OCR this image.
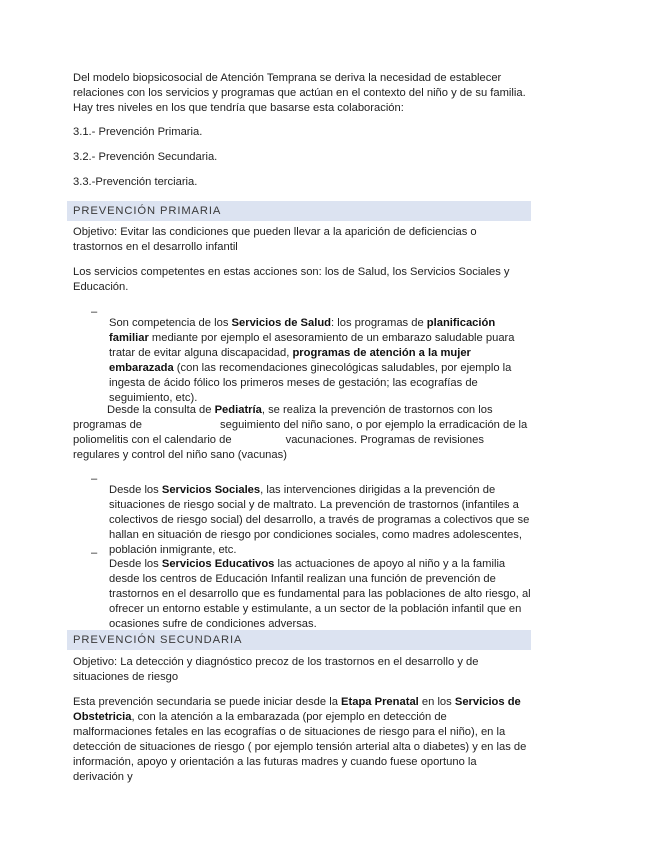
Del modelo biopsicosocial de Atención Temprana se deriva la necesidad de establecer relaciones con los servicios y programas que actúan en el contexto del niño y de su familia. Hay tres niveles en los que tendría que basarse esta colaboración:

3.1.- Prevención Primaria.

3.2.- Prevención Secundaria.

3.3.-Prevención terciaria.

PREVENCIÓN PRIMARIA

Objetivo: Evitar las condiciones que pueden llevar a la aparición de deficiencias o trastornos en el desarrollo infantil

Los servicios competentes en estas acciones son: los de Salud, los Servicios Sociales y Educación.

–

Son competencia de los Servicios de Salud: los programas de planificación familiar mediante por ejemplo el asesoramiento de un embarazo saludable puara tratar de evitar alguna discapacidad, programas de atención a la mujer embarazada (con las recomendaciones ginecológicas saludables, por ejemplo la ingesta de ácido fólico los primeros meses de gestación; las ecografías de seguimiento, etc).

Desde la consulta de Pediatría, se realiza la prevención de trastornos con los programas de	seguimiento del niño sano, o por ejemplo la erradicación de la poliomelitis con el calendario de	vacunaciones. Programas de revisiones regulares y control del niño sano (vacunas)

–

Desde los Servicios Sociales, las intervenciones dirigidas a la prevención de situaciones de riesgo social y de maltrato. La prevención de trastornos (infantiles a colectivos de riesgo social) del desarrollo, a través de programas a colectivos que se hallan en situación de riesgo por condiciones sociales, como madres adolescentes, población inmigrante, etc.

–

Desde los Servicios Educativos las actuaciones de apoyo al niño y a la familia desde los centros de Educación Infantil realizan una función de prevención de trastornos en el desarrollo que es fundamental para las poblaciones de alto riesgo, al ofrecer un entorno estable y estimulante, a un sector de la población infantil que en ocasiones sufre de condiciones adversas.

PREVENCIÓN SECUNDARIA

Objetivo: La detección y diagnóstico precoz de los trastornos en el desarrollo y de situaciones de riesgo

Esta prevención secundaria se puede iniciar desde la Etapa Prenatal en los Servicios de Obstetricia, con la atención a la embarazada (por ejemplo en detección de malformaciones fetales en las ecografías o de situaciones de riesgo para el niño), en la detección de situaciones de riesgo ( por ejemplo tensión arterial alta o diabetes) y en las de información, apoyo y orientación a las futuras madres y cuando fuese oportuno la derivación y
